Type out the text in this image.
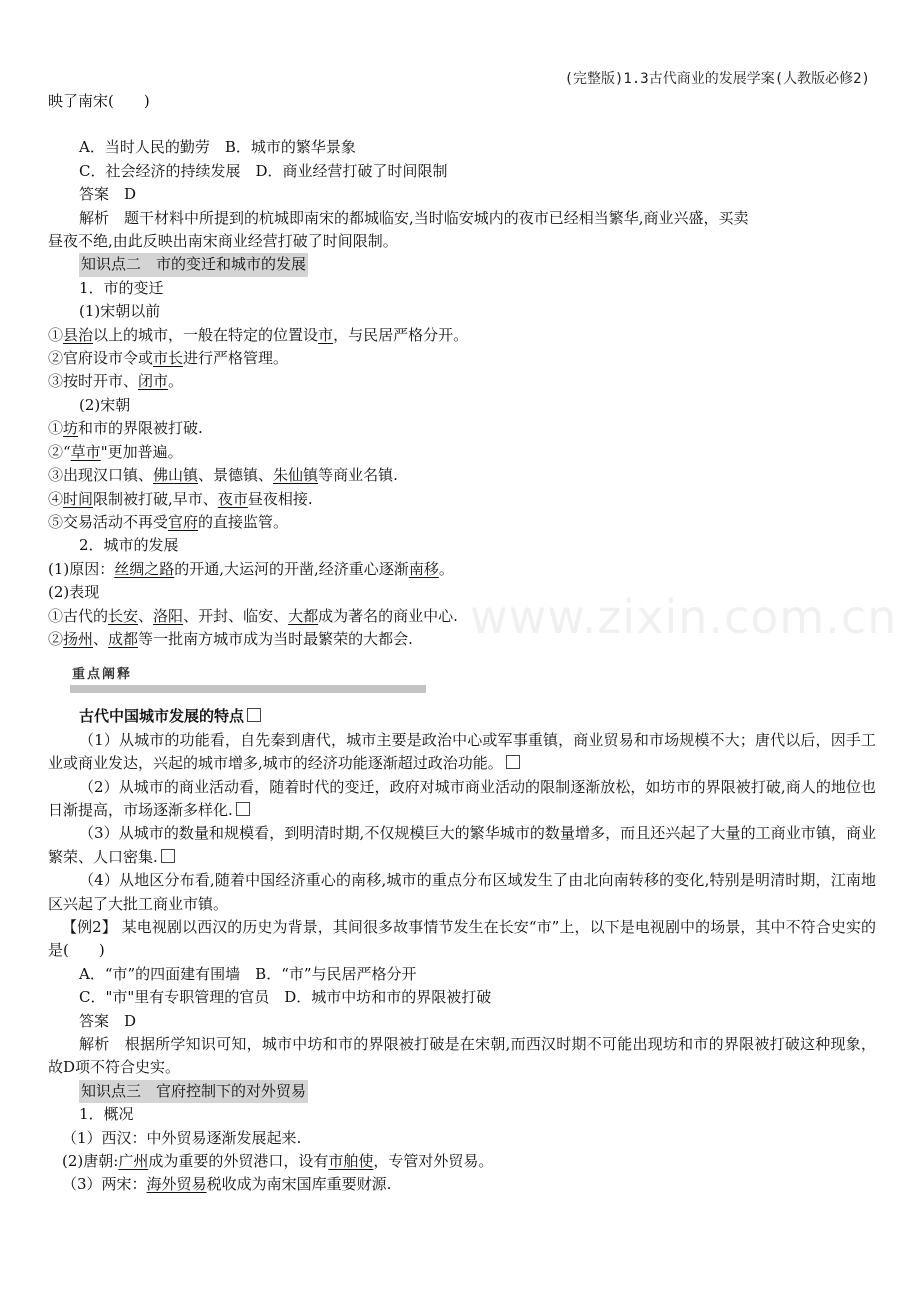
(完整版)1.3古代商业的发展学案(人教版必修2)
www.zixin.com.cn
映了南宋(　　)
A．当时人民的勤劳　B．城市的繁华景象
C．社会经济的持续发展　D．商业经营打破了时间限制
答案　D
解析　题干材料中所提到的杭城即南宋的都城临安,当时临安城内的夜市已经相当繁华,商业兴盛，买卖
昼夜不绝,由此反映出南宋商业经营打破了时间限制。
知识点二　市的变迁和城市的发展
1．市的变迁
(1)宋朝以前
①县治以上的城市，一般在特定的位置设市，与民居严格分开。
②官府设市令或市长进行严格管理。
③按时开市、闭市。
(2)宋朝
①坊和市的界限被打破.
②“草市"更加普遍。
③出现汉口镇、佛山镇、景德镇、朱仙镇等商业名镇.
④时间限制被打破,早市、夜市昼夜相接.
⑤交易活动不再受官府的直接监管。
2．城市的发展
(1)原因：丝绸之路的开通,大运河的开凿,经济重心逐渐南移。
(2)表现
①古代的长安、洛阳、开封、临安、大都成为著名的商业中心.
②扬州、成都等一批南方城市成为当时最繁荣的大都会.
重点阐释
古代中国城市发展的特点
（1）从城市的功能看，自先秦到唐代，城市主要是政治中心或军事重镇，商业贸易和市场规模不大；唐代以后，因手工业或商业发达，兴起的城市增多,城市的经济功能逐渐超过政治功能。
（2）从城市的商业活动看，随着时代的变迁，政府对城市商业活动的限制逐渐放松，如坊市的界限被打破,商人的地位也日渐提高，市场逐渐多样化.
（3）从城市的数量和规模看，到明清时期,不仅规模巨大的繁华城市的数量增多，而且还兴起了大量的工商业市镇，商业繁荣、人口密集.
（4）从地区分布看,随着中国经济重心的南移,城市的重点分布区域发生了由北向南转移的变化,特别是明清时期，江南地区兴起了大批工商业市镇。
【例2】 某电视剧以西汉的历史为背景，其间很多故事情节发生在长安“市”上，以下是电视剧中的场景，其中不符合史实的是(　　)
A．“市”的四面建有围墙　B．“市”与民居严格分开
C．"市"里有专职管理的官员　D．城市中坊和市的界限被打破
答案　D
解析　根据所学知识可知，城市中坊和市的界限被打破是在宋朝,而西汉时期不可能出现坊和市的界限被打破这种现象，故D项不符合史实。
知识点三　官府控制下的对外贸易
1．概况
（1）西汉：中外贸易逐渐发展起来.
(2)唐朝:广州成为重要的外贸港口，设有市舶使，专管对外贸易。
（3）两宋：海外贸易税收成为南宋国库重要财源.
